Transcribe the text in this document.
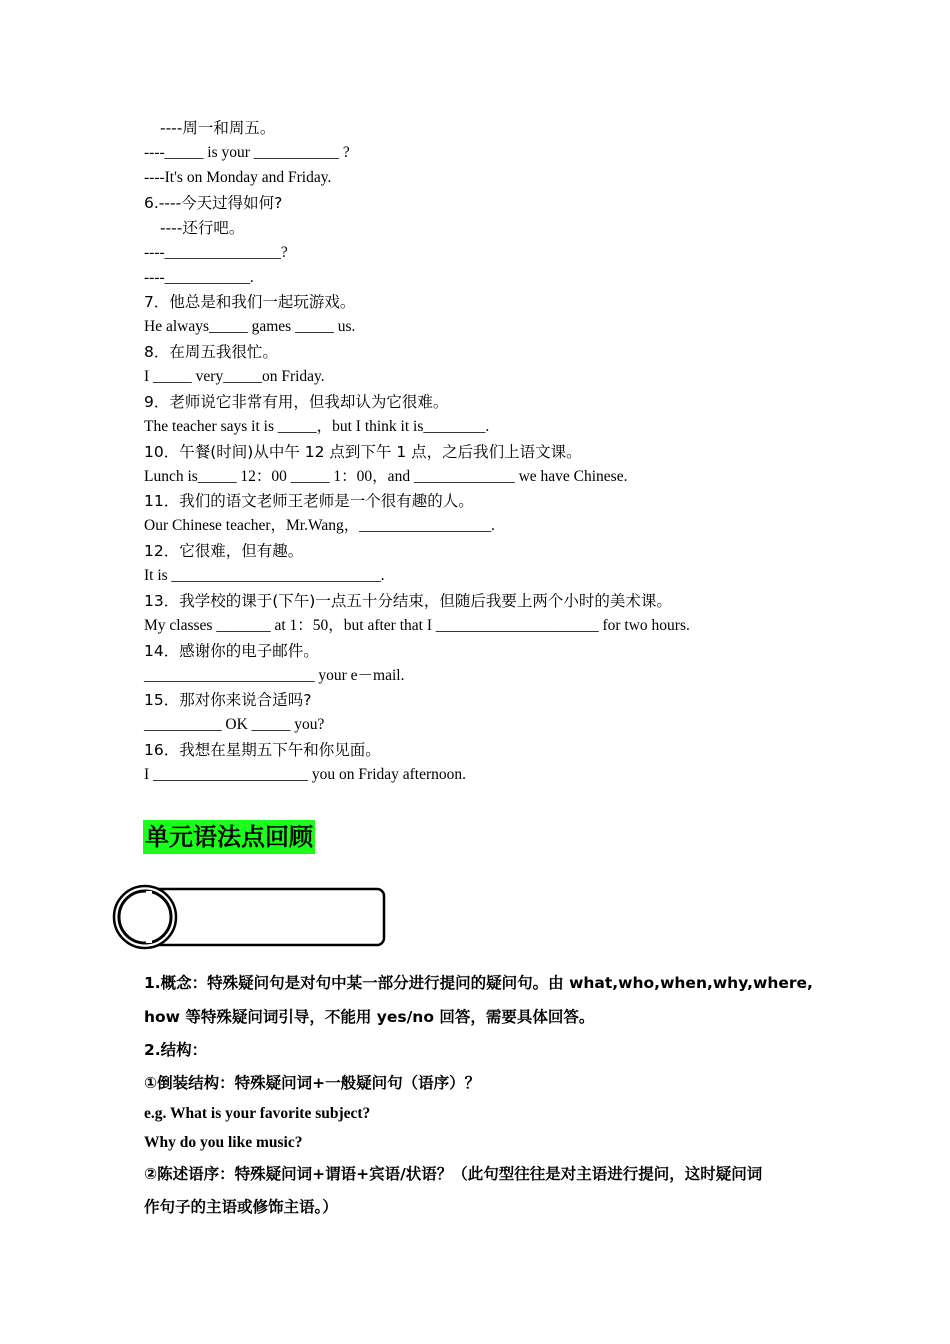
----周一和周五。
----_____ is your ___________ ?
----It's on Monday and Friday.
6.----今天过得如何?
----还行吧。
----_______________?
----___________.
7．他总是和我们一起玩游戏。
He always_____ games _____ us.
8．在周五我很忙。
I _____ very_____on Friday.
9．老师说它非常有用，但我却认为它很难。
The teacher says it is _____，but I think it is________.
10．午餐(时间)从中午 12 点到下午 1 点，之后我们上语文课。
Lunch is_____ 12：00 _____ 1：00，and _____________ we have Chinese.
11．我们的语文老师王老师是一个很有趣的人。
Our Chinese teacher，Mr.Wang，_________________.
12．它很难，但有趣。
It is ___________________________.
13．我学校的课于(下午)一点五十分结束，但随后我要上两个小时的美术课。
My classes _______ at 1：50，but after that I _____________________ for two hours.
14．感谢你的电子邮件。
______________________ your e－mail.
15．那对你来说合适吗?
__________ OK _____ you?
16．我想在星期五下午和你见面。
I ____________________ you on Friday afternoon.
单元语法点回顾
1.概念：特殊疑问句是对句中某一部分进行提问的疑问句。由 what,who,when,why,where,
how 等特殊疑问词引导，不能用 yes/no 回答，需要具体回答。
2.结构：
①倒装结构：特殊疑问词+一般疑问句（语序）？
e.g. What is your favorite subject?
Why do you like music?
②陈述语序：特殊疑问词+谓语+宾语/状语？（此句型往往是对主语进行提问，这时疑问词
作句子的主语或修饰主语。）
